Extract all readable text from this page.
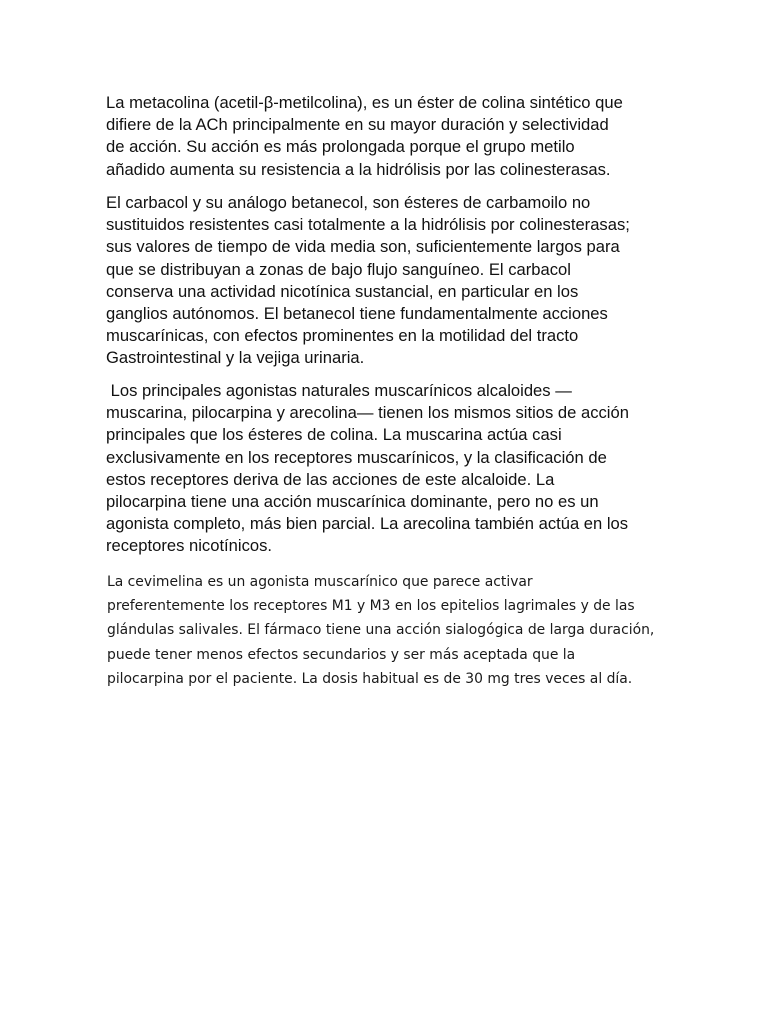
La metacolina (acetil-β-metilcolina), es un éster de colina sintético que
difiere de la ACh principalmente en su mayor duración y selectividad
de acción. Su acción es más prolongada porque el grupo metilo
añadido aumenta su resistencia a la hidrólisis por las colinesterasas.

El carbacol y su análogo betanecol, son ésteres de carbamoilo no
sustituidos resistentes casi totalmente a la hidrólisis por colinesterasas;
sus valores de tiempo de vida media son, suficientemente largos para
que se distribuyan a zonas de bajo flujo sanguíneo. El carbacol
conserva una actividad nicotínica sustancial, en particular en los
ganglios autónomos. El betanecol tiene fundamentalmente acciones
muscarínicas, con efectos prominentes en la motilidad del tracto
Gastrointestinal y la vejiga urinaria.

Los principales agonistas naturales muscarínicos alcaloides —
muscarina, pilocarpina y arecolina— tienen los mismos sitios de acción
principales que los ésteres de colina. La muscarina actúa casi
exclusivamente en los receptores muscarínicos, y la clasificación de
estos receptores deriva de las acciones de este alcaloide. La
pilocarpina tiene una acción muscarínica dominante, pero no es un
agonista completo, más bien parcial. La arecolina también actúa en los
receptores nicotínicos.

La cevimelina es un agonista muscarínico que parece activar
preferentemente los receptores M1 y M3 en los epitelios lagrimales y de las
glándulas salivales. El fármaco tiene una acción sialogógica de larga duración,
puede tener menos efectos secundarios y ser más aceptada que la
pilocarpina por el paciente. La dosis habitual es de 30 mg tres veces al día.
